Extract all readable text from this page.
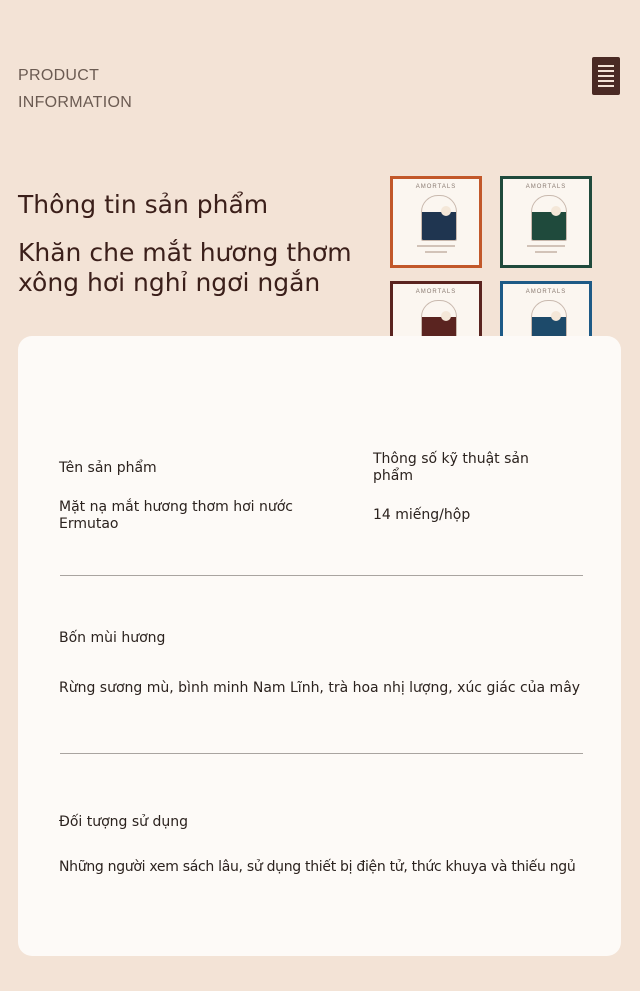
PRODUCT
INFORMATION
Thông tin sản phẩm
Khăn che mắt hương thơm xông hơi nghỉ ngơi ngắn
AMORTALS	AMORTALS
AMORTALS	AMORTALS
Tên sản phẩm
Thông số kỹ thuật sản phẩm
Mặt nạ mắt hương thơm hơi nước Ermutao
14 miếng/hộp
Bốn mùi hương
Rừng sương mù, bình minh Nam Lĩnh, trà hoa nhị lượng, xúc giác của mây
Đối tượng sử dụng
Những người xem sách lâu, sử dụng thiết bị điện tử, thức khuya và thiếu ngủ
